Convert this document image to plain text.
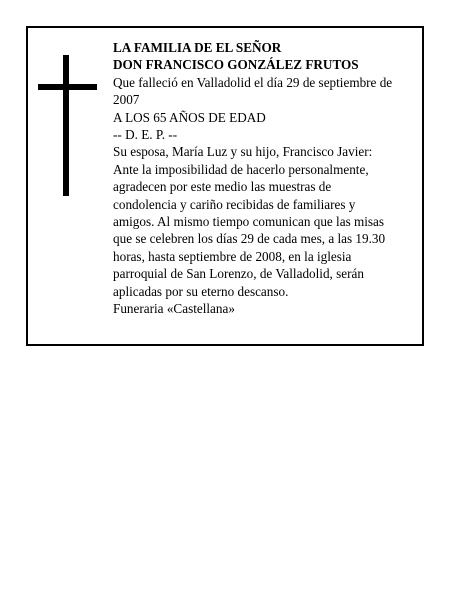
LA FAMILIA DE EL SEÑOR

DON FRANCISCO GONZÁLEZ FRUTOS

Que falleció en Valladolid el día 29 de septiembre de 2007

A LOS 65 AÑOS DE EDAD

-- D. E. P. --

Su esposa, María Luz y su hijo, Francisco Javier:

Ante la imposibilidad de hacerlo personalmente, agradecen por este medio las muestras de condolencia y cariño recibidas de familiares y amigos. Al mismo tiempo comunican que las misas que se celebren los días 29 de cada mes, a las 19.30 horas, hasta septiembre de 2008, en la iglesia parroquial de San Lorenzo, de Valladolid, serán aplicadas por su eterno descanso.

Funeraria «Castellana»
